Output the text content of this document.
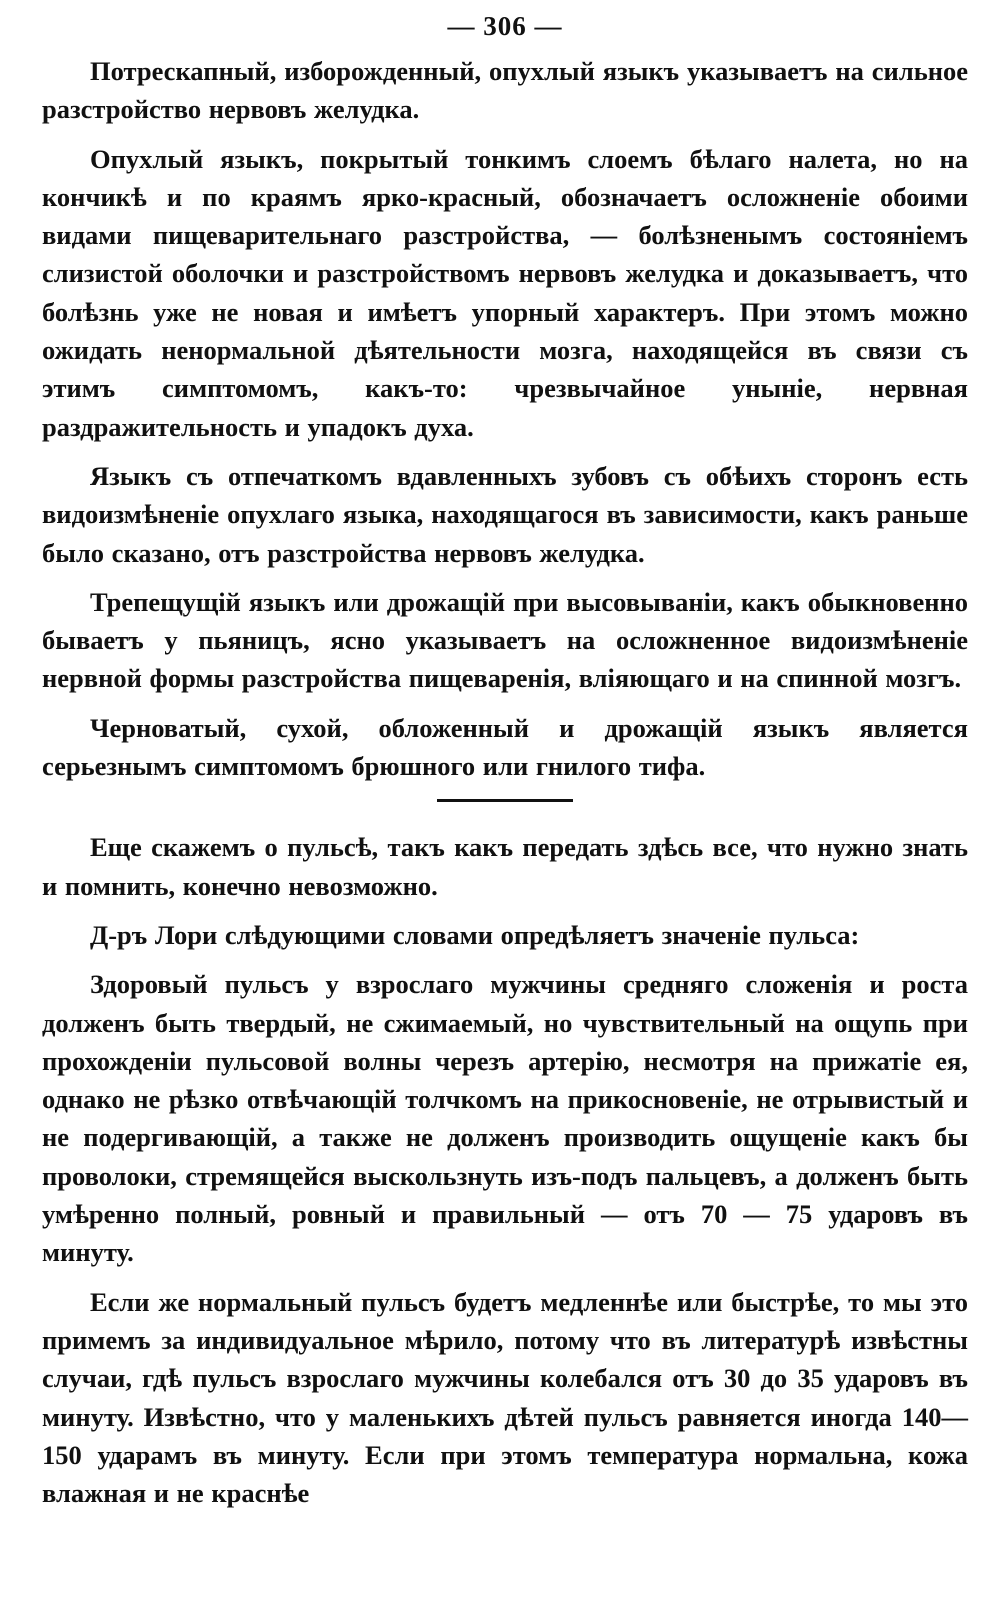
— 306 —

Потрескапный, изборожденный, опухлый языкъ указываетъ на сильное разстройство нервовъ желудка.

Опухлый языкъ, покрытый тонкимъ слоемъ бѣлаго налета, но на кончикѣ и по краямъ ярко-красный, обозначаетъ осложненіе обоими видами пищеварительнаго разстройства, — болѣзненымъ состояніемъ слизистой оболочки и разстройствомъ нервовъ желудка и доказываетъ, что болѣзнь уже не новая и имѣетъ упорный характеръ. При этомъ можно ожидать ненормальной дѣятельности мозга, находящейся въ связи съ этимъ симптомомъ, какъ-то: чрезвычайное уныніе, нервная раздражительность и упадокъ духа.

Языкъ съ отпечаткомъ вдавленныхъ зубовъ съ обѣихъ сторонъ есть видоизмѣненіе опухлаго языка, находящагося въ зависимости, какъ раньше было сказано, отъ разстройства нервовъ желудка.

Трепещущій языкъ или дрожащій при высовываніи, какъ обыкновенно бываетъ у пьяницъ, ясно указываетъ на осложненное видоизмѣненіе нервной формы разстройства пищеваренія, вліяющаго и на спинной мозгъ.

Черноватый, сухой, обложенный и дрожащій языкъ является серьезнымъ симптомомъ брюшного или гнилого тифа.

Еще скажемъ о пульсѣ, такъ какъ передать здѣсь все, что нужно знать и помнить, конечно невозможно.

Д-ръ Лори слѣдующими словами опредѣляетъ значеніе пульса:

Здоровый пульсъ у взрослаго мужчины средняго сложенія и роста долженъ быть твердый, не сжимаемый, но чувствительный на ощупь при прохожденіи пульсовой волны черезъ артерію, несмотря на прижатіе ея, однако не рѣзко отвѣчающій толчкомъ на прикосновеніе, не отрывистый и не подергивающій, а также не долженъ производить ощущеніе какъ бы проволоки, стремящейся выскользнуть изъ-подъ пальцевъ, а долженъ быть умѣренно полный, ровный и правильный — отъ 70 — 75 ударовъ въ минуту.

Если же нормальный пульсъ будетъ медленнѣе или быстрѣе, то мы это примемъ за индивидуальное мѣрило, потому что въ литературѣ извѣстны случаи, гдѣ пульсъ взрослаго мужчины колебался отъ 30 до 35 ударовъ въ минуту. Извѣстно, что у маленькихъ дѣтей пульсъ равняется иногда 140—150 ударамъ въ минуту. Если при этомъ температура нормальна, кожа влажная и не краснѣе
